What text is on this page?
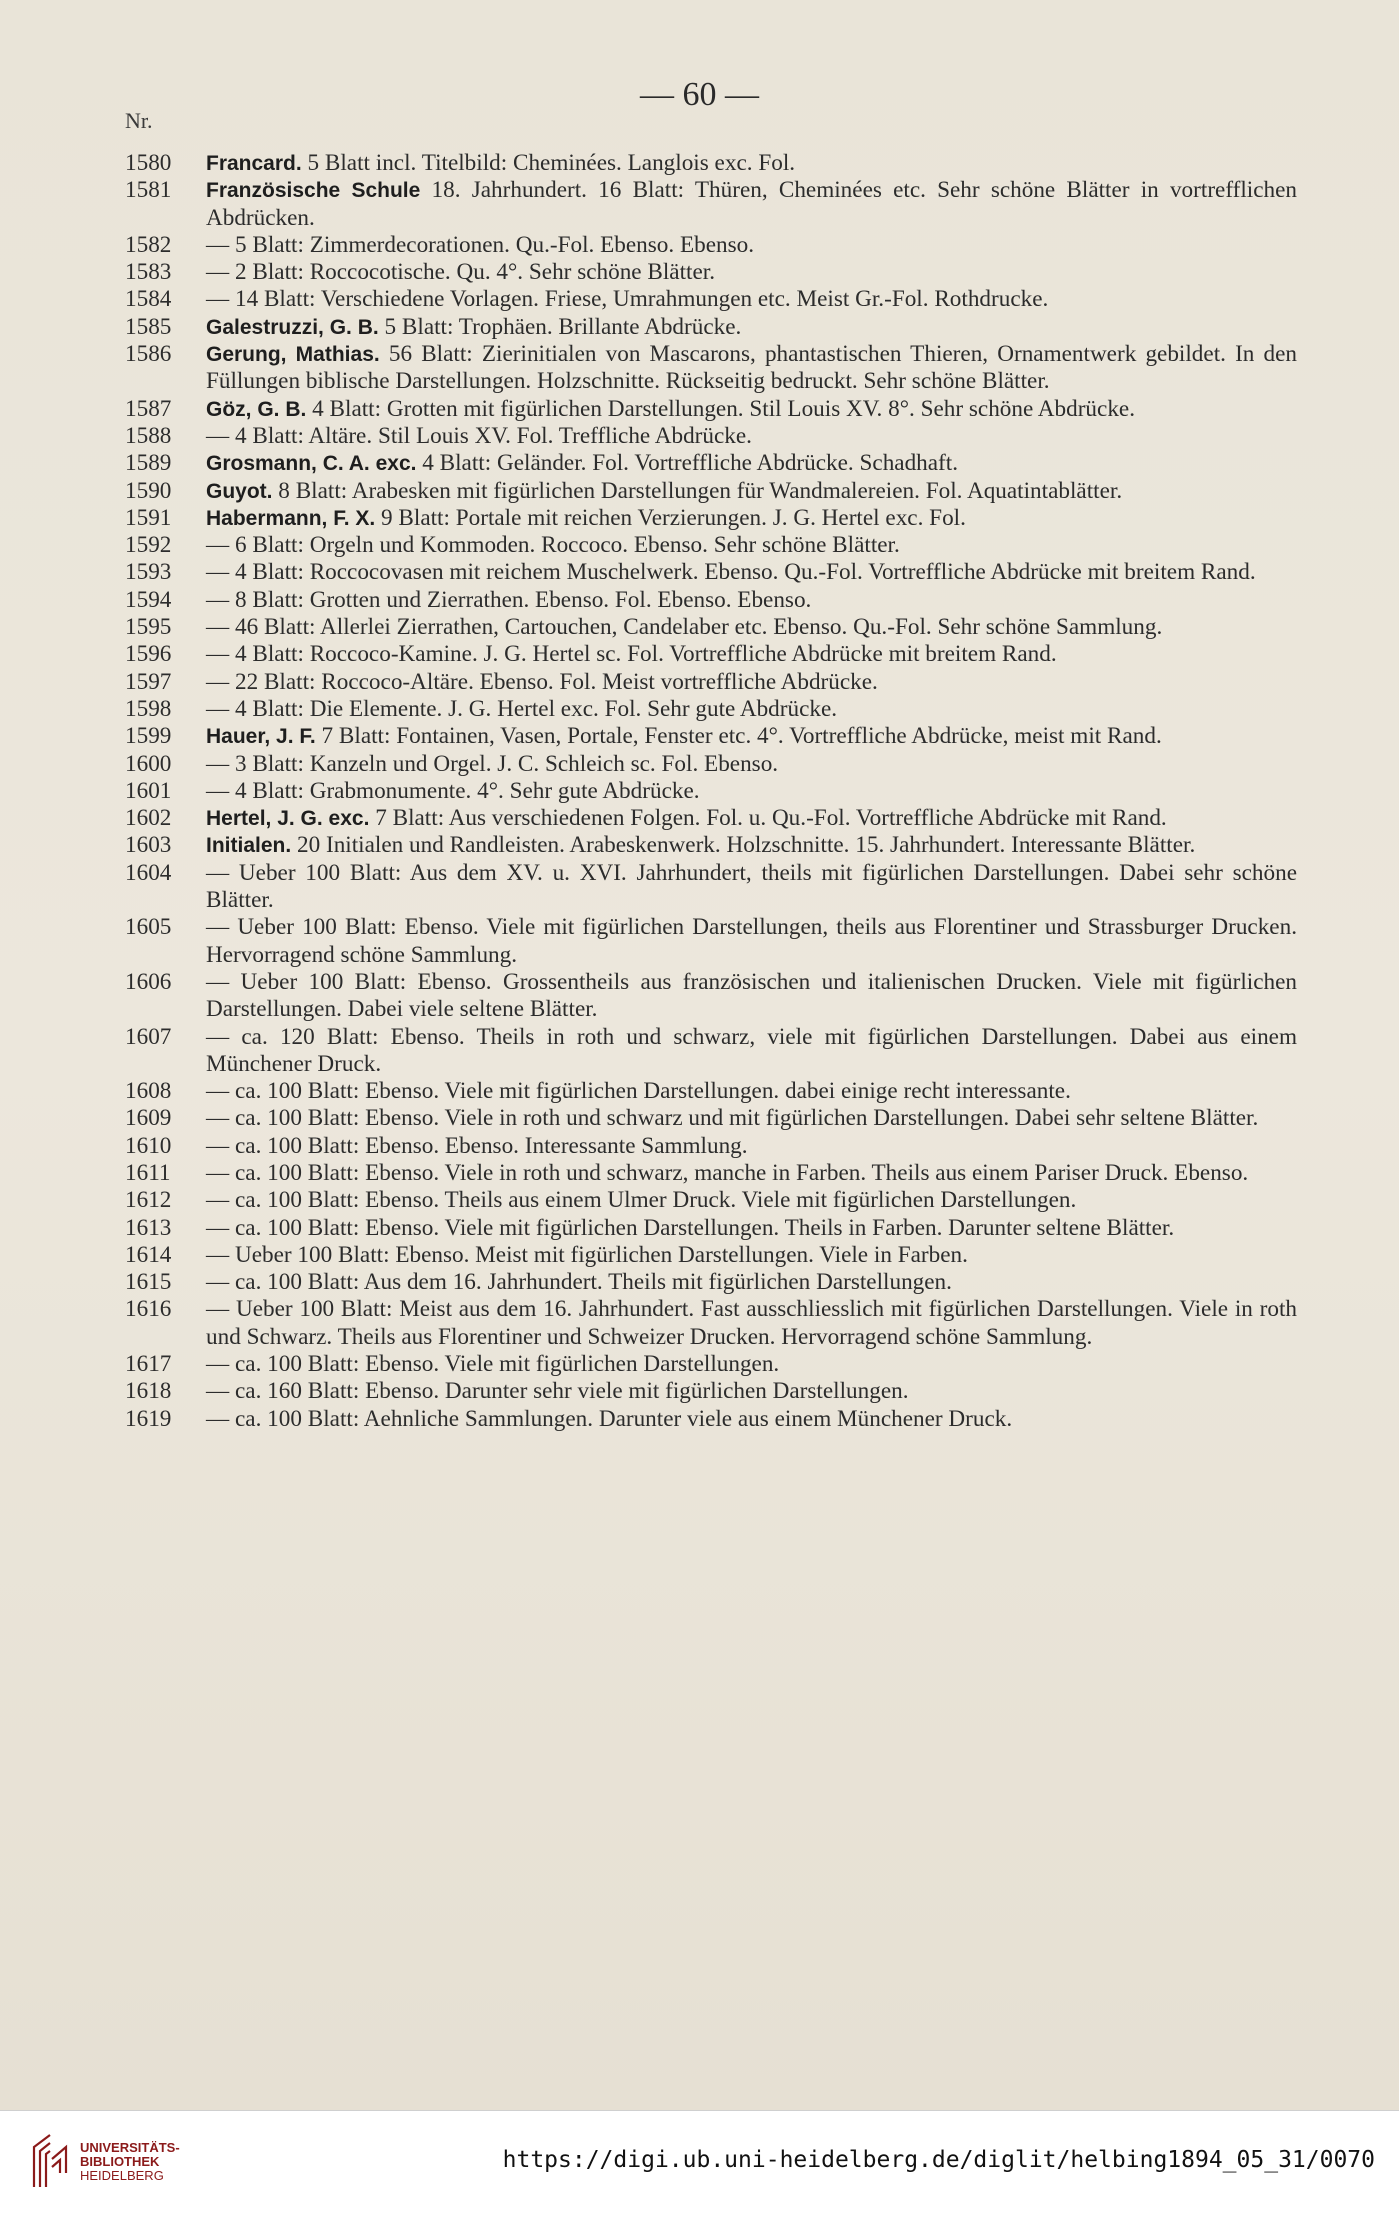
— 60 —
Nr.
1580	Francard. 5 Blatt incl. Titelbild: Cheminées. Langlois exc. Fol.
1581	Französische Schule 18. Jahrhundert. 16 Blatt: Thüren, Cheminées etc. Sehr schöne Blätter in vortrefflichen Abdrücken.
1582	— 5 Blatt: Zimmerdecorationen. Qu.-Fol. Ebenso. Ebenso.
1583	— 2 Blatt: Roccocotische. Qu. 4°. Sehr schöne Blätter.
1584	— 14 Blatt: Verschiedene Vorlagen. Friese, Umrahmungen etc. Meist Gr.-Fol. Rothdrucke.
1585	Galestruzzi, G. B. 5 Blatt: Trophäen. Brillante Abdrücke.
1586	Gerung, Mathias. 56 Blatt: Zierinitialen von Mascarons, phantastischen Thieren, Ornamentwerk gebildet. In den Füllungen biblische Darstellungen. Holzschnitte. Rückseitig bedruckt. Sehr schöne Blätter.
1587	Göz, G. B. 4 Blatt: Grotten mit figürlichen Darstellungen. Stil Louis XV. 8°. Sehr schöne Abdrücke.
1588	— 4 Blatt: Altäre. Stil Louis XV. Fol. Treffliche Abdrücke.
1589	Grosmann, C. A. exc. 4 Blatt: Geländer. Fol. Vortreffliche Abdrücke. Schadhaft.
1590	Guyot. 8 Blatt: Arabesken mit figürlichen Darstellungen für Wandmalereien. Fol. Aquatintablätter.
1591	Habermann, F. X. 9 Blatt: Portale mit reichen Verzierungen. J. G. Hertel exc. Fol.
1592	— 6 Blatt: Orgeln und Kommoden. Roccoco. Ebenso. Sehr schöne Blätter.
1593	— 4 Blatt: Roccocovasen mit reichem Muschelwerk. Ebenso. Qu.-Fol. Vortreffliche Abdrücke mit breitem Rand.
1594	— 8 Blatt: Grotten und Zierrathen. Ebenso. Fol. Ebenso. Ebenso.
1595	— 46 Blatt: Allerlei Zierrathen, Cartouchen, Candelaber etc. Ebenso. Qu.-Fol. Sehr schöne Sammlung.
1596	— 4 Blatt: Roccoco-Kamine. J. G. Hertel sc. Fol. Vortreffliche Abdrücke mit breitem Rand.
1597	— 22 Blatt: Roccoco-Altäre. Ebenso. Fol. Meist vortreffliche Abdrücke.
1598	— 4 Blatt: Die Elemente. J. G. Hertel exc. Fol. Sehr gute Abdrücke.
1599	Hauer, J. F. 7 Blatt: Fontainen, Vasen, Portale, Fenster etc. 4°. Vortreffliche Abdrücke, meist mit Rand.
1600	— 3 Blatt: Kanzeln und Orgel. J. C. Schleich sc. Fol. Ebenso.
1601	— 4 Blatt: Grabmonumente. 4°. Sehr gute Abdrücke.
1602	Hertel, J. G. exc. 7 Blatt: Aus verschiedenen Folgen. Fol. u. Qu.-Fol. Vortreffliche Abdrücke mit Rand.
1603	Initialen. 20 Initialen und Randleisten. Arabeskenwerk. Holzschnitte. 15. Jahrhundert. Interessante Blätter.
1604	— Ueber 100 Blatt: Aus dem XV. u. XVI. Jahrhundert, theils mit figürlichen Darstellungen. Dabei sehr schöne Blätter.
1605	— Ueber 100 Blatt: Ebenso. Viele mit figürlichen Darstellungen, theils aus Florentiner und Strassburger Drucken. Hervorragend schöne Sammlung.
1606	— Ueber 100 Blatt: Ebenso. Grossentheils aus französischen und italienischen Drucken. Viele mit figürlichen Darstellungen. Dabei viele seltene Blätter.
1607	— ca. 120 Blatt: Ebenso. Theils in roth und schwarz, viele mit figürlichen Darstellungen. Dabei aus einem Münchener Druck.
1608	— ca. 100 Blatt: Ebenso. Viele mit figürlichen Darstellungen. dabei einige recht interessante.
1609	— ca. 100 Blatt: Ebenso. Viele in roth und schwarz und mit figürlichen Darstellungen. Dabei sehr seltene Blätter.
1610	— ca. 100 Blatt: Ebenso. Ebenso. Interessante Sammlung.
1611	— ca. 100 Blatt: Ebenso. Viele in roth und schwarz, manche in Farben. Theils aus einem Pariser Druck. Ebenso.
1612	— ca. 100 Blatt: Ebenso. Theils aus einem Ulmer Druck. Viele mit figürlichen Darstellungen.
1613	— ca. 100 Blatt: Ebenso. Viele mit figürlichen Darstellungen. Theils in Farben. Darunter seltene Blätter.
1614	— Ueber 100 Blatt: Ebenso. Meist mit figürlichen Darstellungen. Viele in Farben.
1615	— ca. 100 Blatt: Aus dem 16. Jahrhundert. Theils mit figürlichen Darstellungen.
1616	— Ueber 100 Blatt: Meist aus dem 16. Jahrhundert. Fast ausschliesslich mit figürlichen Darstellungen. Viele in roth und Schwarz. Theils aus Florentiner und Schweizer Drucken. Hervorragend schöne Sammlung.
1617	— ca. 100 Blatt: Ebenso. Viele mit figürlichen Darstellungen.
1618	— ca. 160 Blatt: Ebenso. Darunter sehr viele mit figürlichen Darstellungen.
1619	— ca. 100 Blatt: Aehnliche Sammlungen. Darunter viele aus einem Münchener Druck.
UNIVERSITÄTS-
BIBLIOTHEK
HEIDELBERG
https://digi.ub.uni-heidelberg.de/diglit/helbing1894_05_31/0070
